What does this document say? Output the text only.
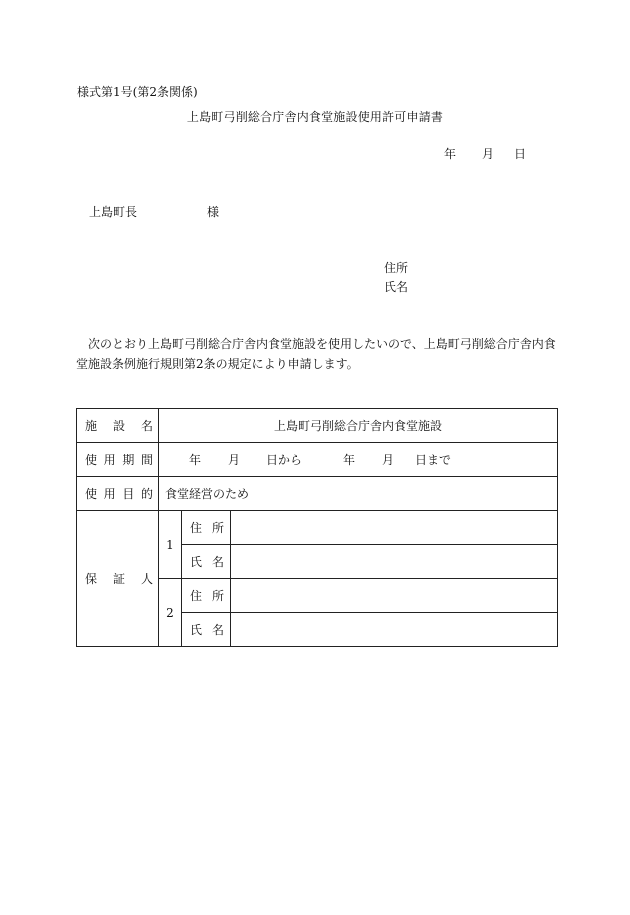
様式第1号(第2条関係)
上島町弓削総合庁舎内食堂施設使用許可申請書
年 月 日
上島町長	様
住所
氏名
次のとおり上島町弓削総合庁舎内食堂施設を使用したいので、上島町弓削総合庁舎内食堂施設条例施行規則第2条の規定により申請します。
施 設 名	上島町弓削総合庁舎内食堂施設		
使用期間	年 月 日から 年 月 日まで		
使用目的	食堂経営のため		
保 証 人	1	住 所	
		氏 名	
	2	住 所	
		氏 名	
